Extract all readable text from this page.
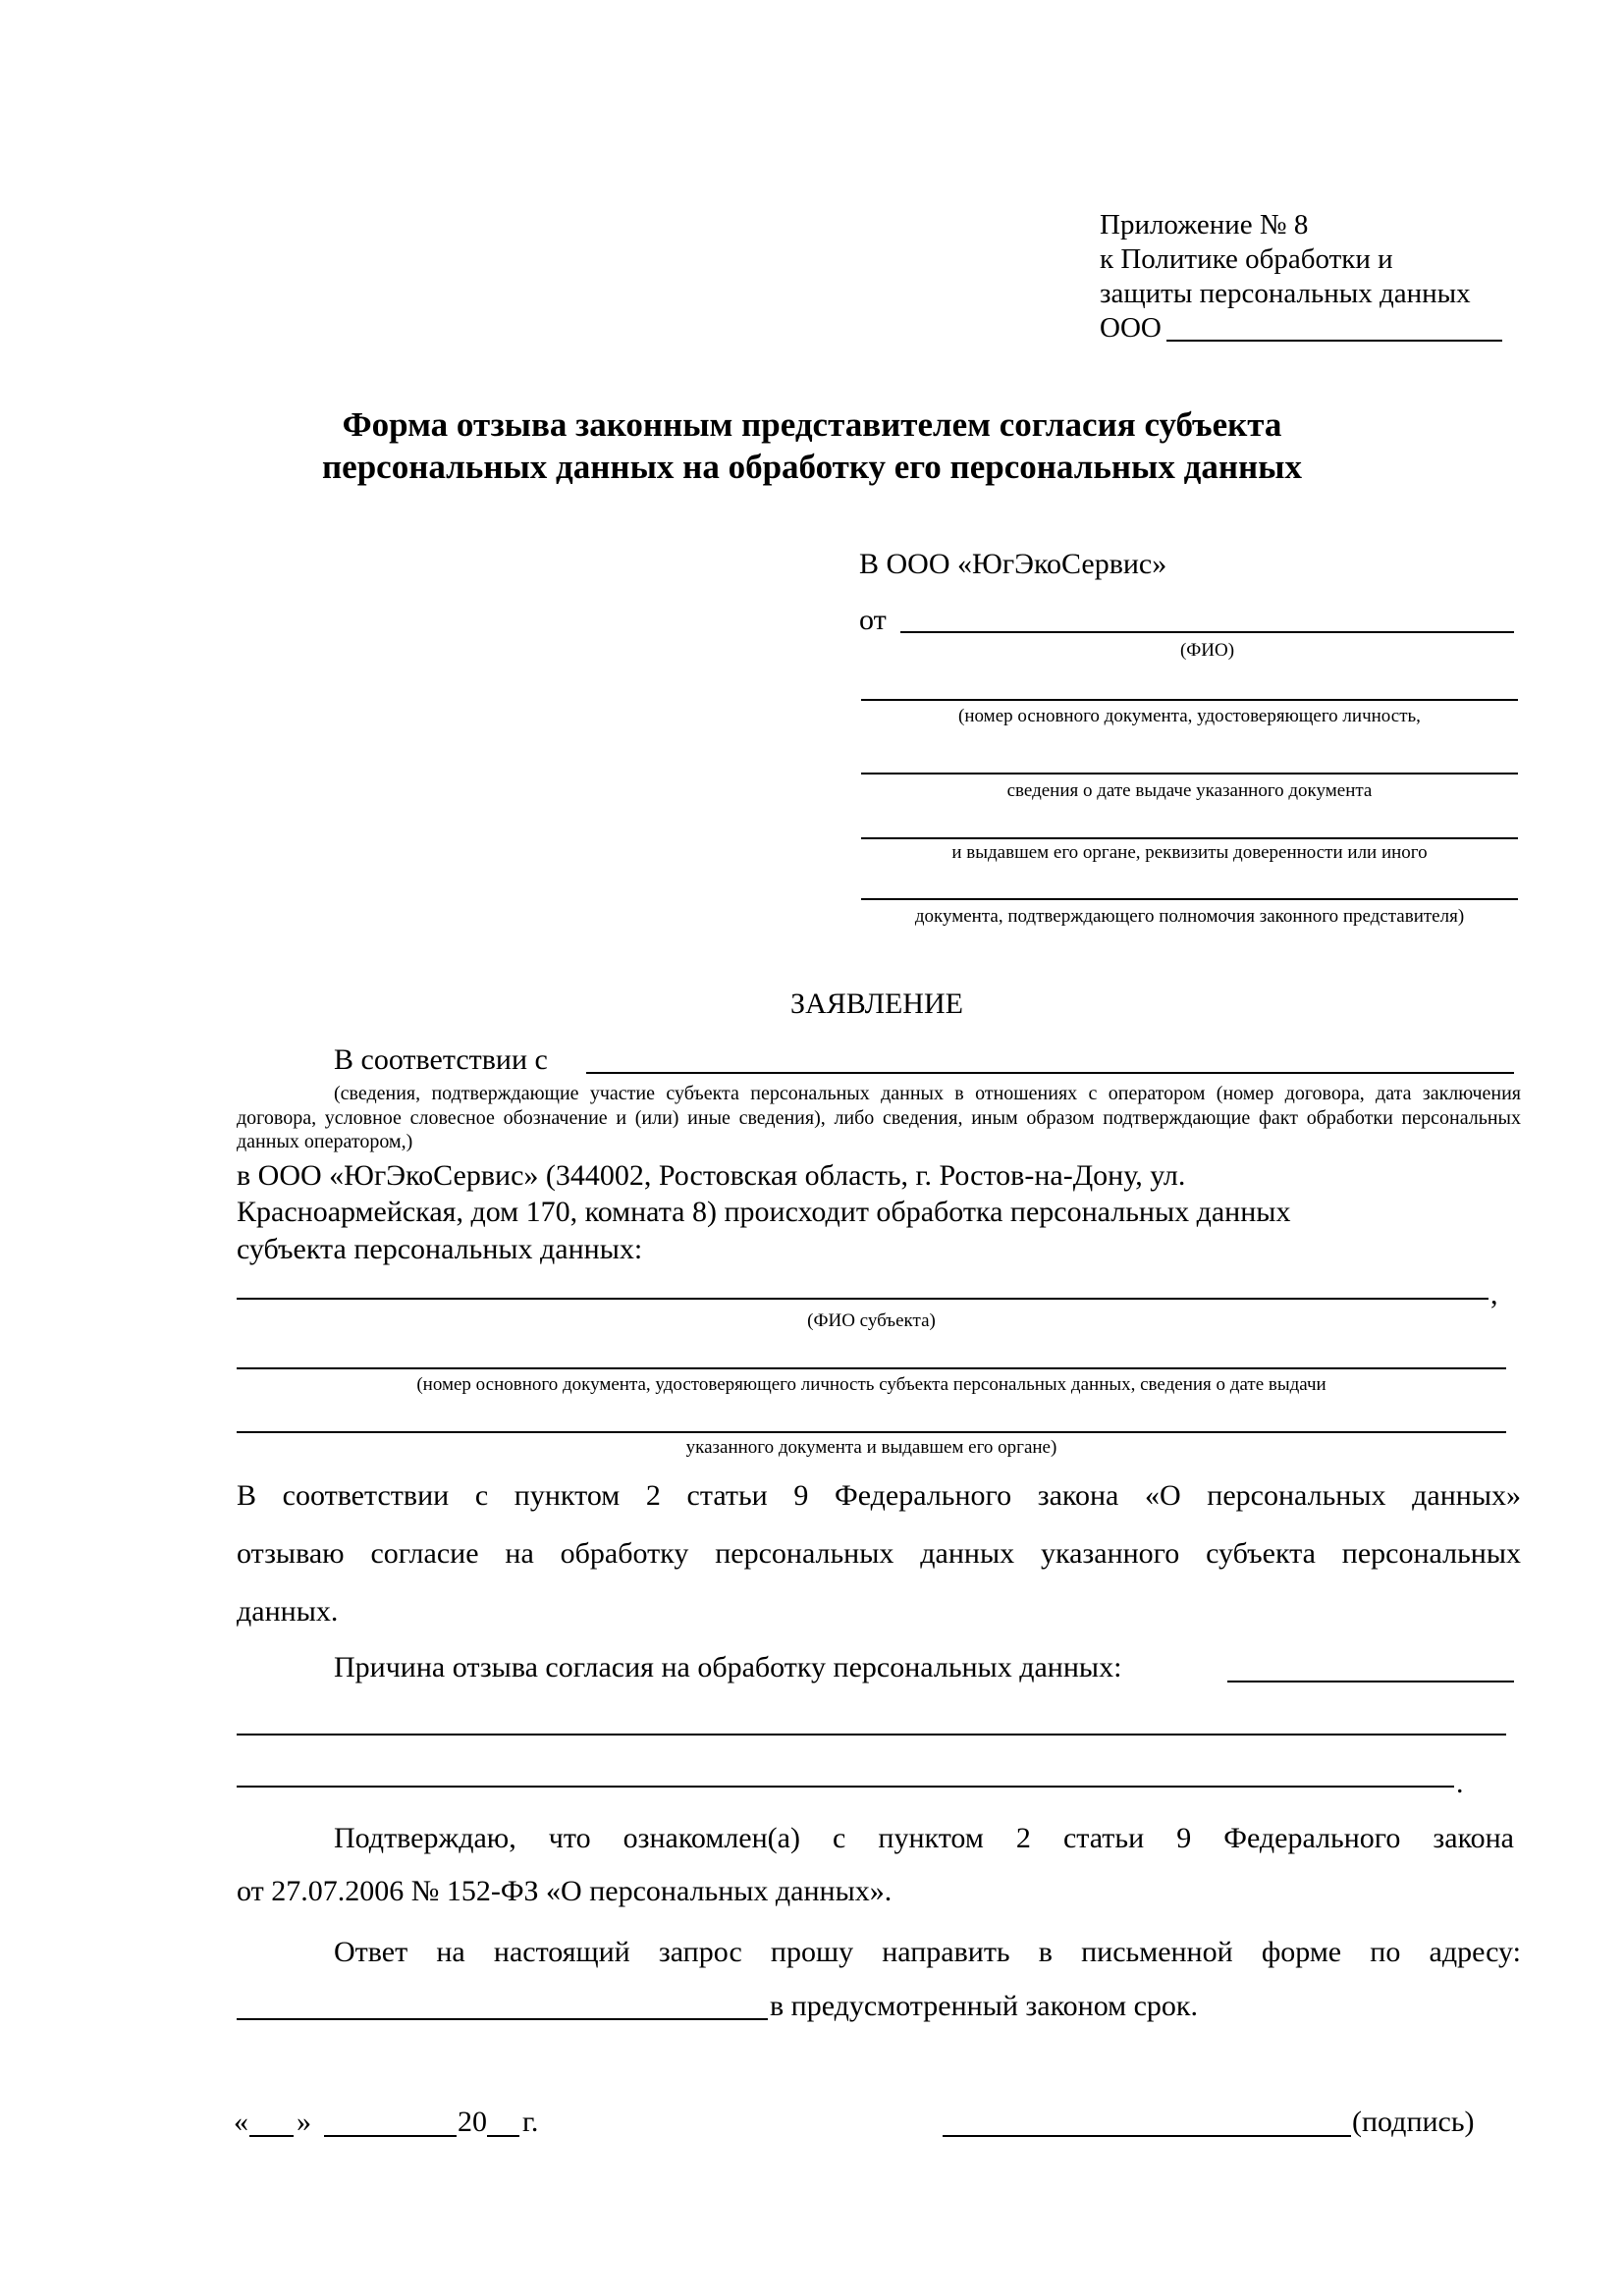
Приложение № 8
к Политике обработки и
защиты персональных данных
ООО
Форма отзыва законным представителем согласия субъекта
персональных данных на обработку его персональных данных
В ООО «ЮгЭкоСервис»
от
(ФИО)
(номер основного документа, удостоверяющего личность,
сведения о дате выдаче указанного документа
и выдавшем его органе, реквизиты доверенности или иного
документа, подтверждающего полномочия законного представителя)
ЗАЯВЛЕНИЕ
В соответствии с
(сведения, подтверждающие участие субъекта персональных данных в отношениях с оператором (номер договора, дата заключения договора, условное словесное обозначение и (или) иные сведения), либо сведения, иным образом подтверждающие факт обработки персональных данных оператором,)
в ООО «ЮгЭкоСервис» (344002, Ростовская область, г. Ростов-на-Дону, ул.
Красноармейская, дом 170, комната 8) происходит обработка персональных данных
субъекта персональных данных:
,
(ФИО субъекта)
(номер основного документа, удостоверяющего личность субъекта персональных данных, сведения о дате выдачи
указанного документа и выдавшем его органе)
В соответствии с пунктом 2 статьи 9 Федерального закона «О персональных данных»
отзываю согласие на обработку персональных данных указанного субъекта персональных
данных.
Причина отзыва согласия на обработку персональных данных:
.
Подтверждаю, что ознакомлен(а) с пунктом 2 статьи 9 Федерального закона
от 27.07.2006 № 152-ФЗ «О персональных данных».
Ответ на настоящий запрос прошу направить в письменной форме по адресу:
в предусмотренный законом срок.
« »	20 г.	(подпись)
